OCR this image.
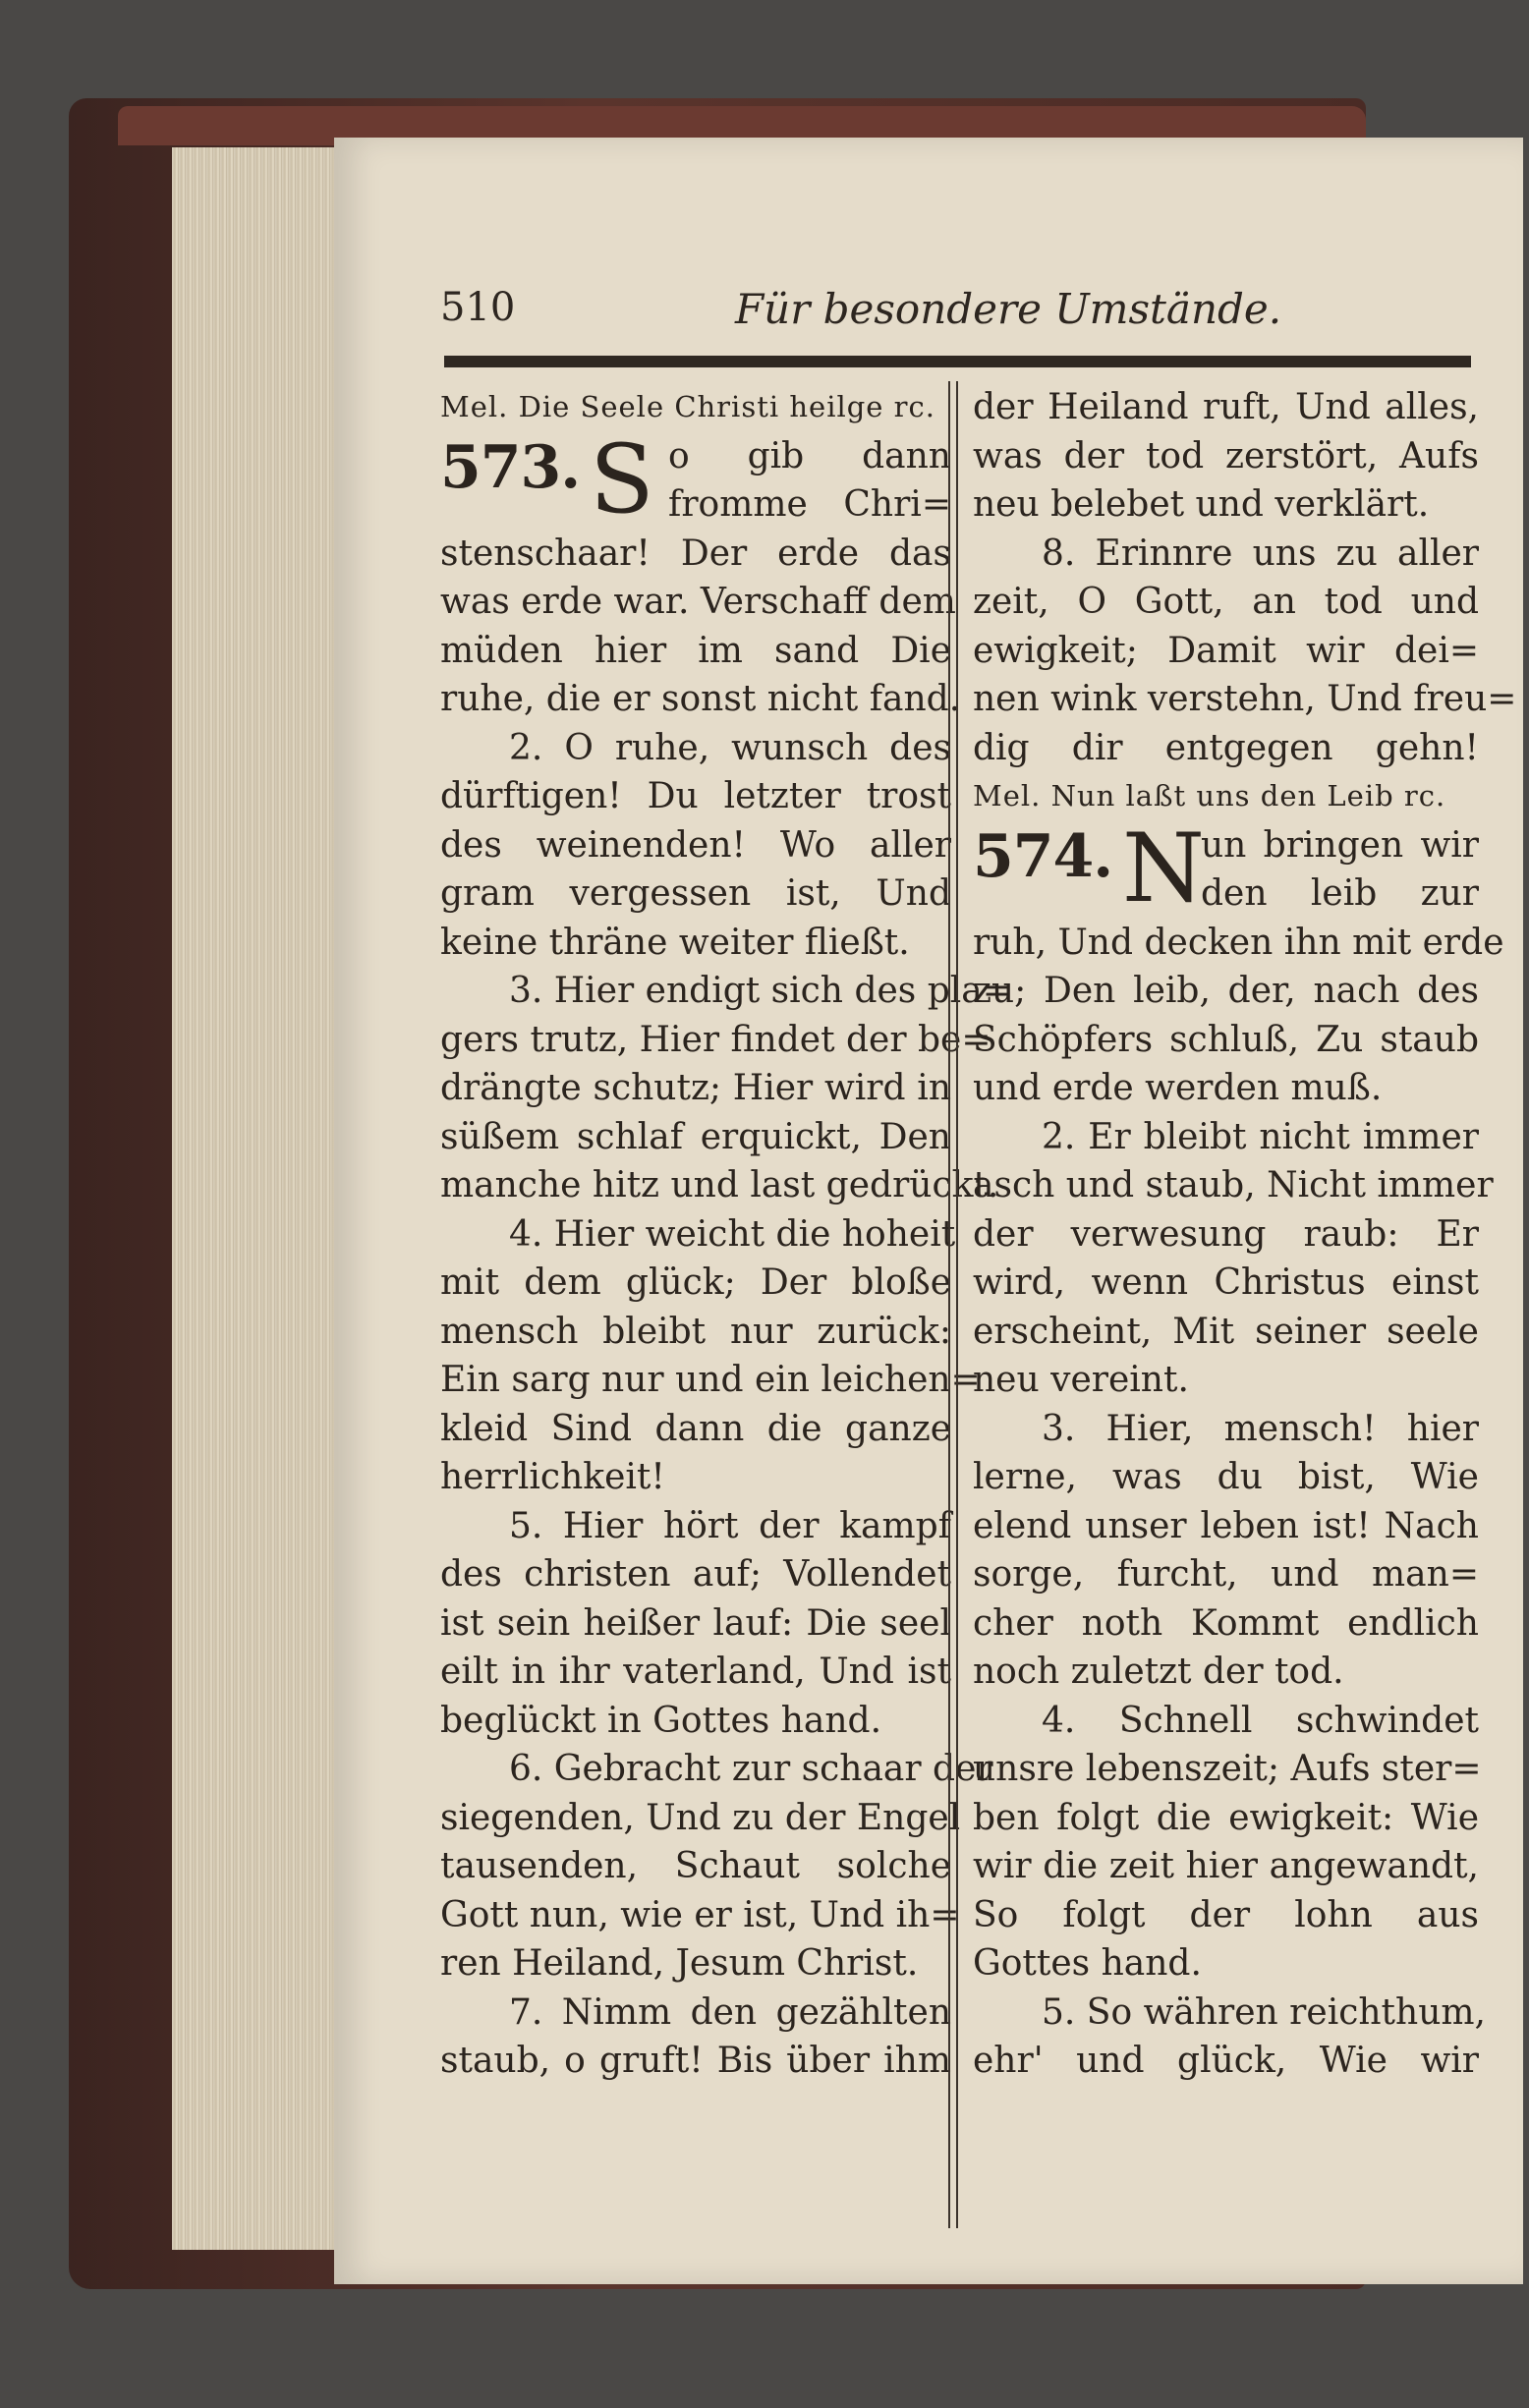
510	Für besondere Umstände.
Mel. Die Seele Christi heilge rc.
573. S o gib dann
fromme Chri=
stenschaar! Der erde das
was erde war. Verschaff dem
müden hier im sand Die
ruhe, die er sonst nicht fand.
2. O ruhe, wunsch des
dürftigen! Du letzter trost
des weinenden! Wo aller
gram vergessen ist, Und
keine thräne weiter fließt.
3. Hier endigt sich des pla=
gers trutz, Hier findet der be=
drängte schutz; Hier wird in
süßem schlaf erquickt, Den
manche hitz und last gedrückt.
4. Hier weicht die hoheit
mit dem glück; Der bloße
mensch bleibt nur zurück:
Ein sarg nur und ein leichen=
kleid Sind dann die ganze
herrlichkeit!
5. Hier hört der kampf
des christen auf; Vollendet
ist sein heißer lauf: Die seel
eilt in ihr vaterland, Und ist
beglückt in Gottes hand.
6. Gebracht zur schaar der
siegenden, Und zu der Engel
tausenden, Schaut solche
Gott nun, wie er ist, Und ih=
ren Heiland, Jesum Christ.
7. Nimm den gezählten
staub, o gruft! Bis über ihm
der Heiland ruft, Und alles,
was der tod zerstört, Aufs
neu belebet und verklärt.
8. Erinnre uns zu aller
zeit, O Gott, an tod und
ewigkeit; Damit wir dei=
nen wink verstehn, Und freu=
dig dir entgegen gehn!
Mel. Nun laßt uns den Leib rc.
574. N
un bringen wir
den leib zur
ruh, Und decken ihn mit erde
zu; Den leib, der, nach des
Schöpfers schluß, Zu staub
und erde werden muß.
2. Er bleibt nicht immer
asch und staub, Nicht immer
der verwesung raub: Er
wird, wenn Christus einst
erscheint, Mit seiner seele
neu vereint.
3. Hier, mensch! hier
lerne, was du bist, Wie
elend unser leben ist! Nach
sorge, furcht, und man=
cher noth Kommt endlich
noch zuletzt der tod.
4. Schnell schwindet
unsre lebenszeit; Aufs ster=
ben folgt die ewigkeit: Wie
wir die zeit hier angewandt,
So folgt der lohn aus
Gottes hand.
5. So währen reichthum,
ehr' und glück, Wie wir
